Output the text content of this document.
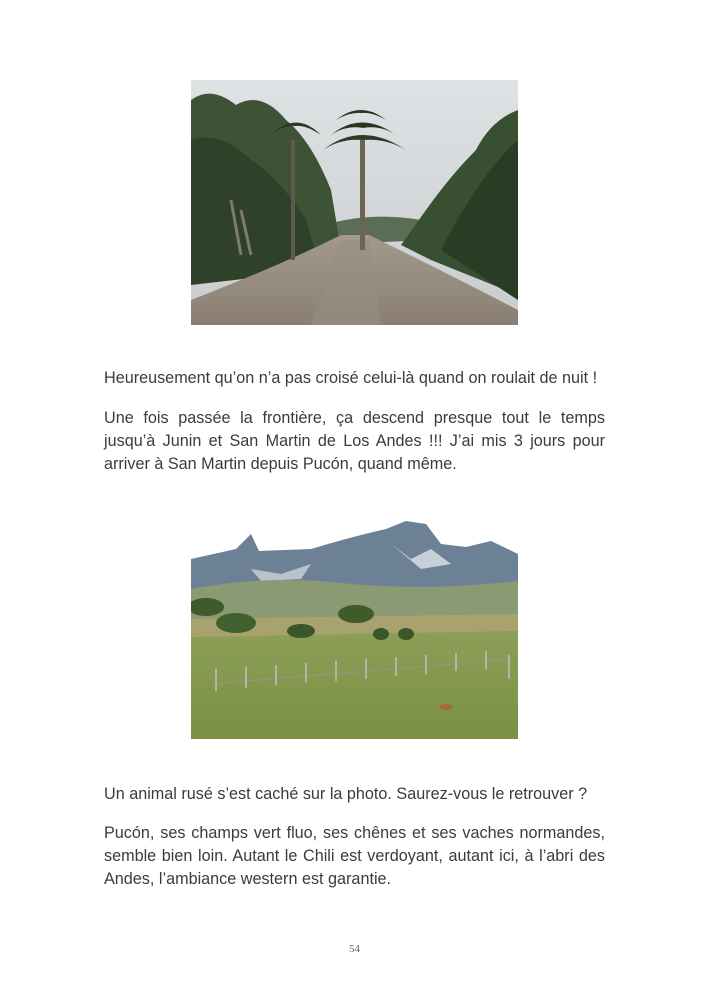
Heureusement qu’on n’a pas croisé celui-là quand on roulait de nuit !

Une fois passée la frontière, ça descend presque tout le temps jusqu’à Junin et San Martin de Los Andes !!! J’ai mis 3 jours pour arriver à San Martin depuis Pucón, quand même.

Un animal rusé s’est caché sur la photo. Saurez-vous le retrouver ?

Pucón, ses champs vert fluo, ses chênes et ses vaches normandes, semble bien loin. Autant le Chili est verdoyant, autant ici, à l’abri des Andes, l’ambiance western est garantie.

54
